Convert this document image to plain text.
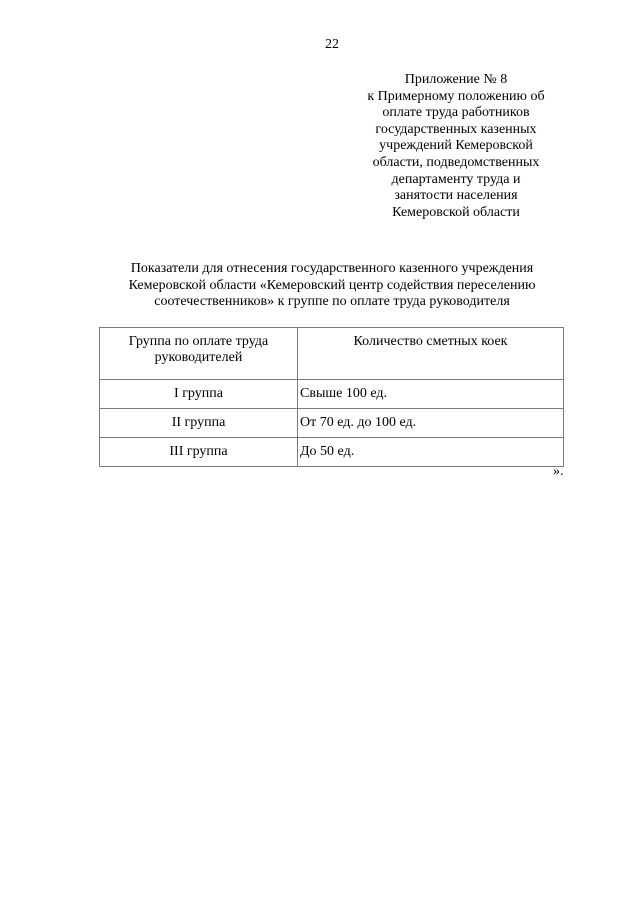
22
Приложение № 8
к Примерному положению об
оплате труда работников
государственных казенных
учреждений Кемеровской
области, подведомственных
департаменту труда и
занятости населения
Кемеровской области
Показатели для отнесения государственного казенного учреждения
Кемеровской области «Кемеровский центр содействия переселению
соотечественников» к группе по оплате труда руководителя
Группа по оплате труда
руководителей	Количество сметных коек
I группа	Свыше 100 ед.
II группа	От 70 ед. до 100 ед.
III группа	До 50 ед.
».
